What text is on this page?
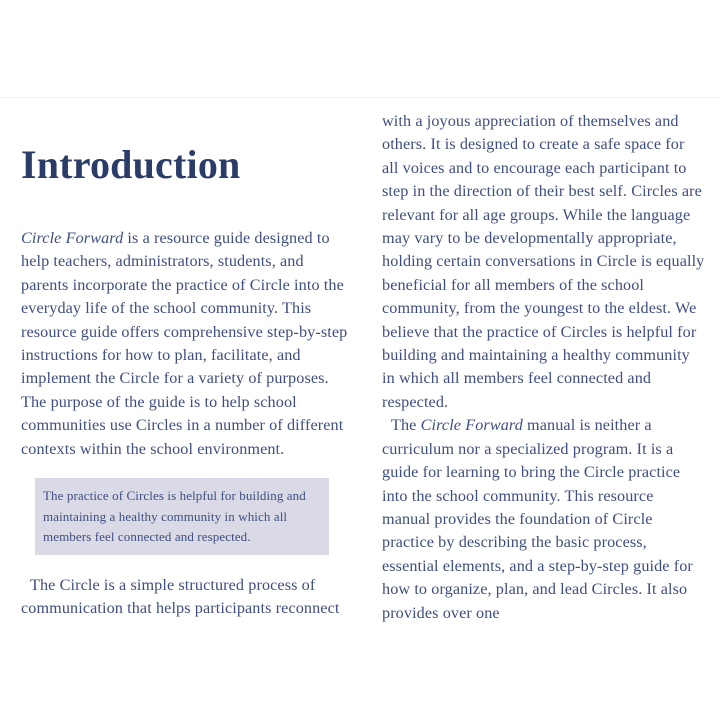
Introduction

Circle Forward is a resource guide designed to help teachers, administrators, students, and parents incorporate the practice of Circle into the everyday life of the school community. This resource guide offers comprehensive step-by-step instructions for how to plan, facilitate, and implement the Circle for a variety of purposes. The purpose of the guide is to help school communities use Circles in a number of different contexts within the school environment.

The practice of Circles is helpful for building and maintaining a healthy community in which all members feel connected and respected.

The Circle is a simple structured process of communication that helps participants reconnect

with a joyous appreciation of themselves and others. It is designed to create a safe space for all voices and to encourage each participant to step in the direction of their best self. Circles are relevant for all age groups. While the language may vary to be developmentally appropriate, holding certain conversations in Circle is equally beneficial for all members of the school community, from the youngest to the eldest. We believe that the practice of Circles is helpful for building and maintaining a healthy community in which all members feel connected and respected.

The Circle Forward manual is neither a curriculum nor a specialized program. It is a guide for learning to bring the Circle practice into the school community. This resource manual provides the foundation of Circle practice by describing the basic process, essential elements, and a step-by-step guide for how to organize, plan, and lead Circles. It also provides over one
